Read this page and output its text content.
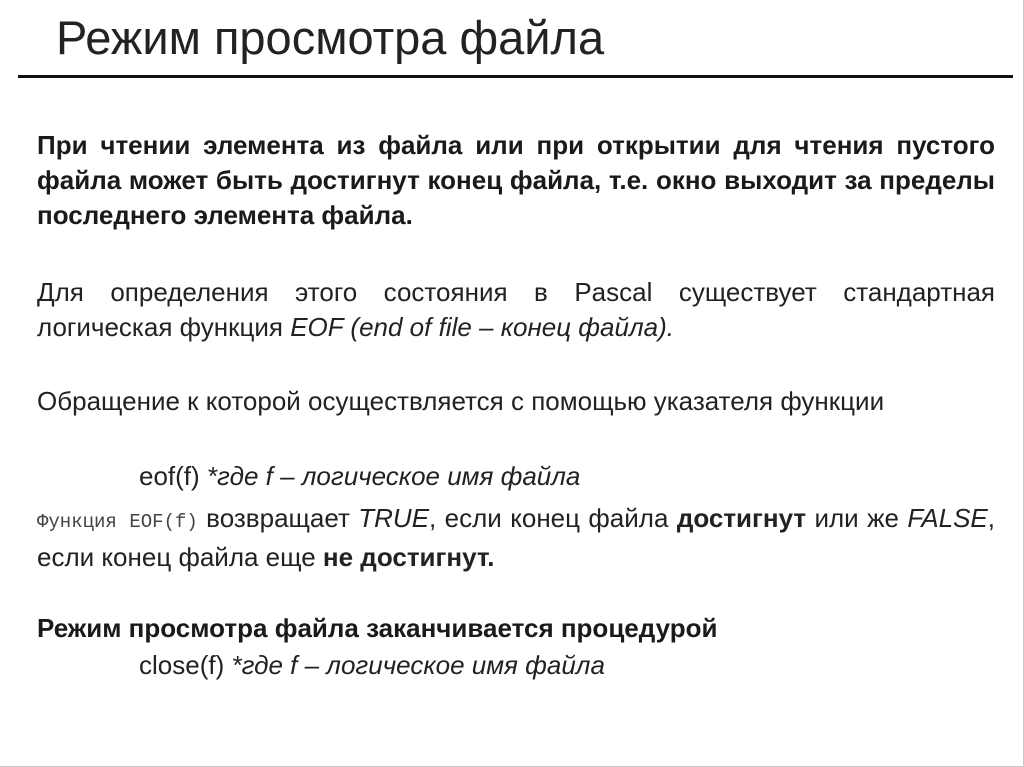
Режим просмотра файла

При чтении элемента из файла или при открытии для чтения пустого файла может быть достигнут конец файла, т.е. окно выходит за пределы последнего элемента файла.

Для определения этого состояния в Pascal существует стандартная логическая функция EOF (end of file – конец файла).

Обращение к которой осуществляется с помощью указателя функции

eof(f) *где f – логическое имя файла

Функция EOF(f) возвращает TRUE, если конец файла достигнут или же FALSE, если конец файла еще не достигнут.

Режим просмотра файла заканчивается процедурой

close(f) *где f – логическое имя файла
